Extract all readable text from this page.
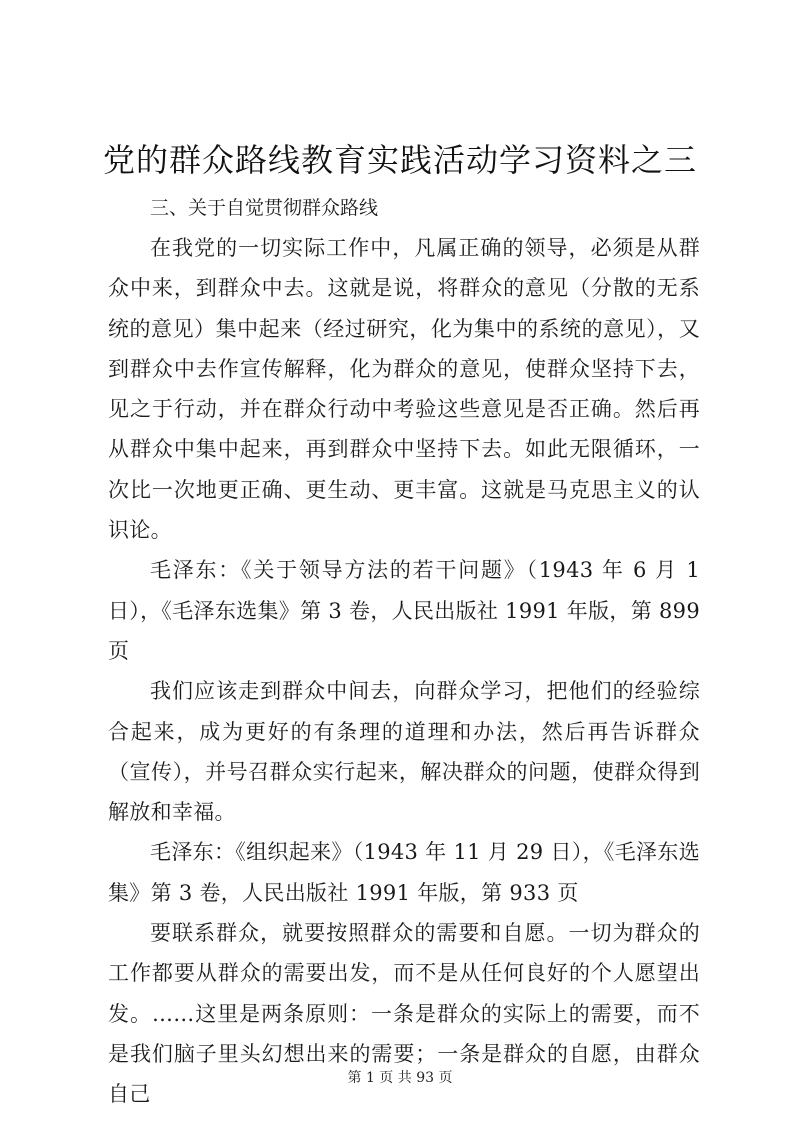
党的群众路线教育实践活动学习资料之三

三、关于自觉贯彻群众路线

在我党的一切实际工作中，凡属正确的领导，必须是从群众中来，到群众中去。这就是说，将群众的意见（分散的无系统的意见）集中起来（经过研究，化为集中的系统的意见），又到群众中去作宣传解释，化为群众的意见，使群众坚持下去，见之于行动，并在群众行动中考验这些意见是否正确。然后再从群众中集中起来，再到群众中坚持下去。如此无限循环，一次比一次地更正确、更生动、更丰富。这就是马克思主义的认识论。

毛泽东：《关于领导方法的若干问题》（1943 年 6 月 1 日），《毛泽东选集》第 3 卷，人民出版社 1991 年版，第 899 页

我们应该走到群众中间去，向群众学习，把他们的经验综合起来，成为更好的有条理的道理和办法，然后再告诉群众（宣传），并号召群众实行起来，解决群众的问题，使群众得到解放和幸福。

毛泽东：《组织起来》（1943 年 11 月 29 日），《毛泽东选集》第 3 卷，人民出版社 1991 年版，第 933 页

要联系群众，就要按照群众的需要和自愿。一切为群众的工作都要从群众的需要出发，而不是从任何良好的个人愿望出发。……这里是两条原则：一条是群众的实际上的需要，而不是我们脑子里头幻想出来的需要；一条是群众的自愿，由群众自己

第 1 页 共 93 页
